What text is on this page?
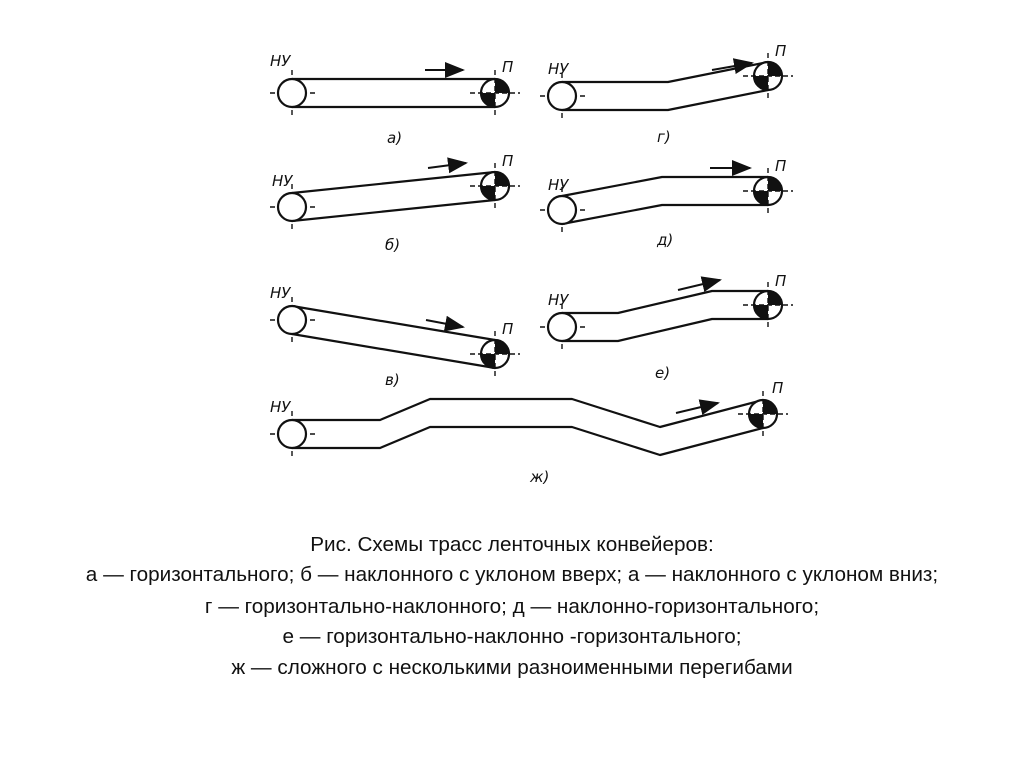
НУ	П
а)
НУ
П
б)
НУ
П
в)
НУ
П
г)
НУ
П
д)
НУ
П
е)
НУ
П
ж)
Рис. Схемы трасс ленточных конвейеров:
а — горизонтального; б — наклонного с уклоном вверх; а — наклонного с уклоном вниз;
г — горизонтально-наклонного; д — наклонно-горизонтального;
е — горизонтально-наклонно -горизонтального;
ж — сложного с несколькими разноименными перегибами
